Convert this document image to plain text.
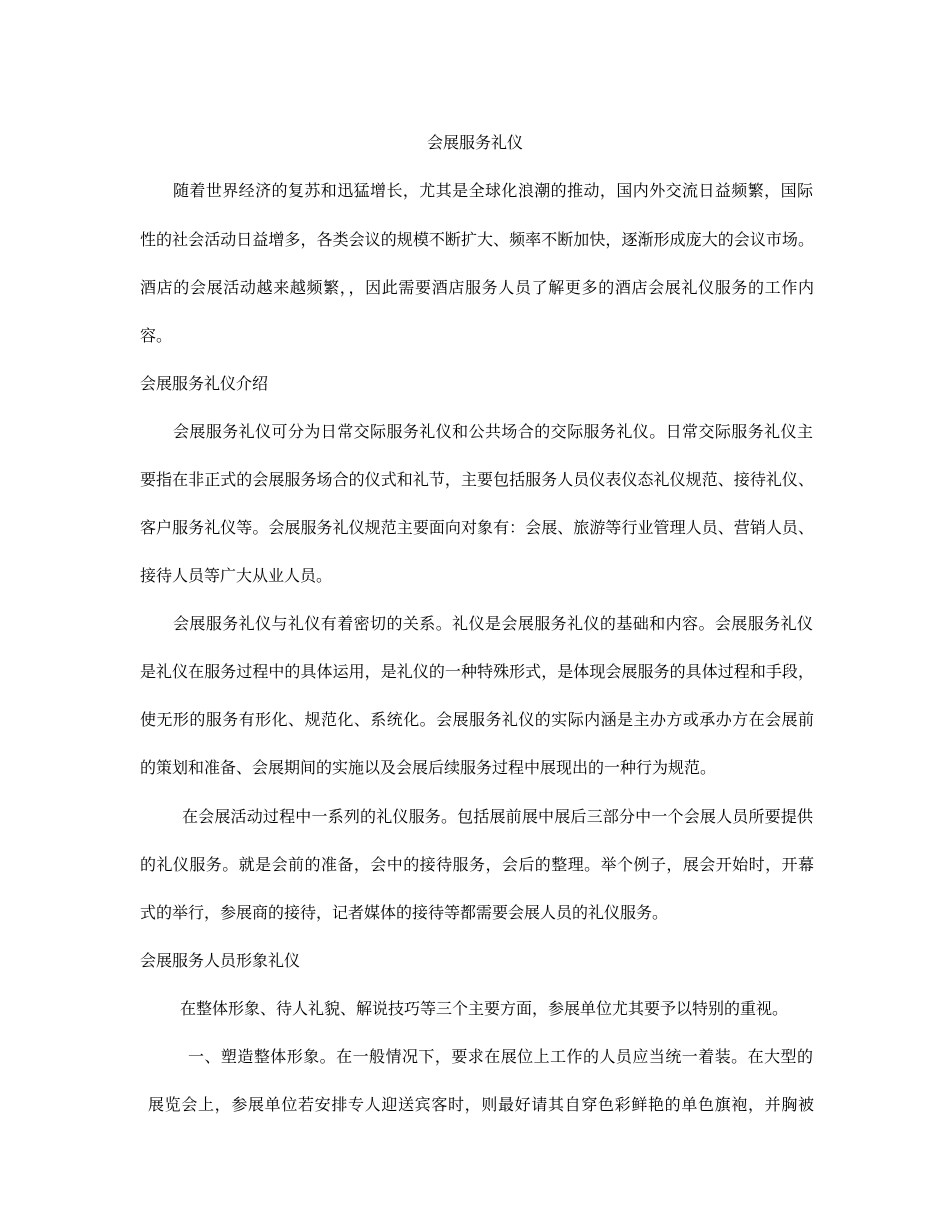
会展服务礼仪
随着世界经济的复苏和迅猛增长，尤其是全球化浪潮的推动，国内外交流日益频繁，国际
性的社会活动日益增多，各类会议的规模不断扩大、频率不断加快，逐渐形成庞大的会议市场。
酒店的会展活动越来越频繁，，因此需要酒店服务人员了解更多的酒店会展礼仪服务的工作内
容。
会展服务礼仪介绍
会展服务礼仪可分为日常交际服务礼仪和公共场合的交际服务礼仪。日常交际服务礼仪主
要指在非正式的会展服务场合的仪式和礼节，主要包括服务人员仪表仪态礼仪规范、接待礼仪、
客户服务礼仪等。会展服务礼仪规范主要面向对象有：会展、旅游等行业管理人员、营销人员、
接待人员等广大从业人员。
会展服务礼仪与礼仪有着密切的关系。礼仪是会展服务礼仪的基础和内容。会展服务礼仪
是礼仪在服务过程中的具体运用，是礼仪的一种特殊形式，是体现会展服务的具体过程和手段，
使无形的服务有形化、规范化、系统化。会展服务礼仪的实际内涵是主办方或承办方在会展前
的策划和准备、会展期间的实施以及会展后续服务过程中展现出的一种行为规范。
在会展活动过程中一系列的礼仪服务。包括展前展中展后三部分中一个会展人员所要提供
的礼仪服务。就是会前的准备，会中的接待服务，会后的整理。举个例子，展会开始时，开幕
式的举行，参展商的接待，记者媒体的接待等都需要会展人员的礼仪服务。
会展服务人员形象礼仪
在整体形象、待人礼貌、解说技巧等三个主要方面，参展单位尤其要予以特别的重视。
一、塑造整体形象。在一般情况下，要求在展位上工作的人员应当统一着装。在大型的
展览会上，参展单位若安排专人迎送宾客时，则最好请其自穿色彩鲜艳的单色旗袍，并胸被
